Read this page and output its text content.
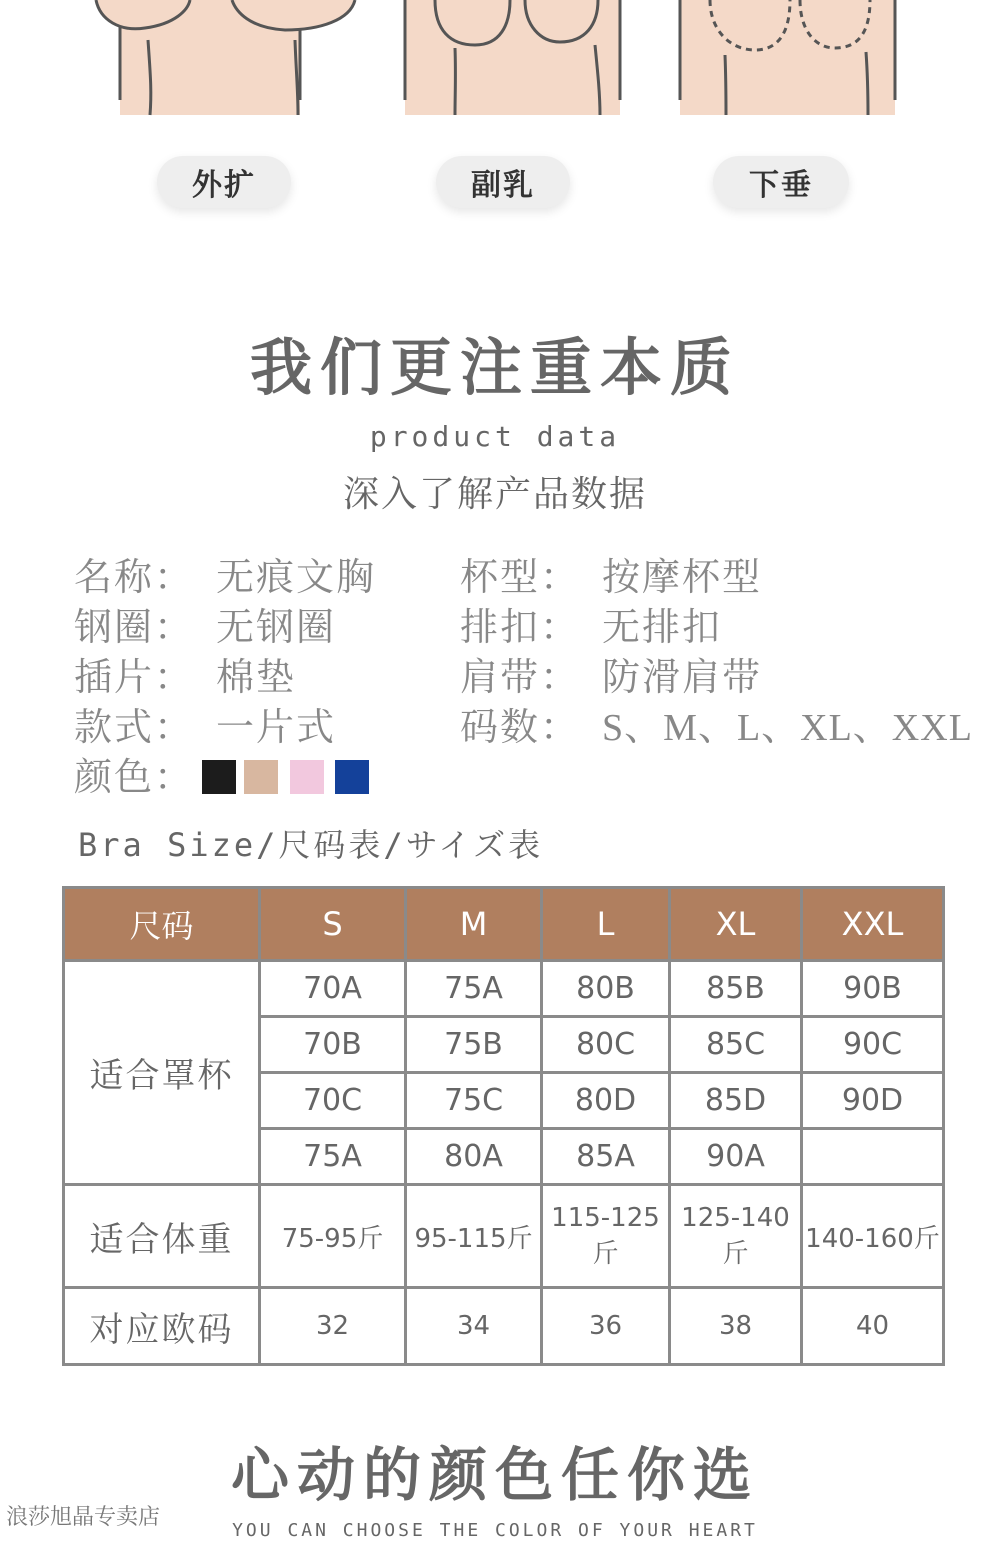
外扩	副乳	下垂
我们更注重本质
product data
深入了解产品数据
名称： 无痕文胸 杯型： 按摩杯型
钢圈： 无钢圈	排扣： 无排扣
插片： 棉垫	肩带： 防滑肩带
款式： 一片式	码数： S、M、L、XL、XXL
颜色：
Bra Size/尺码表/サイズ表
尺码	S	M	L	XL	XXL
适合罩杯	70A	75A	80B	85B	90B
	70B	75B	80C	85C	90C
	70C	75C	80D	85D	90D
	75A	80A	85A	90A	
适合体重	75-95斤	95-115斤	115-125斤	125-140斤	140-160斤
对应欧码	32	34	36	38	40
心动的颜色任你选
YOU CAN CHOOSE THE COLOR OF YOUR HEART
浪莎旭晶专卖店
